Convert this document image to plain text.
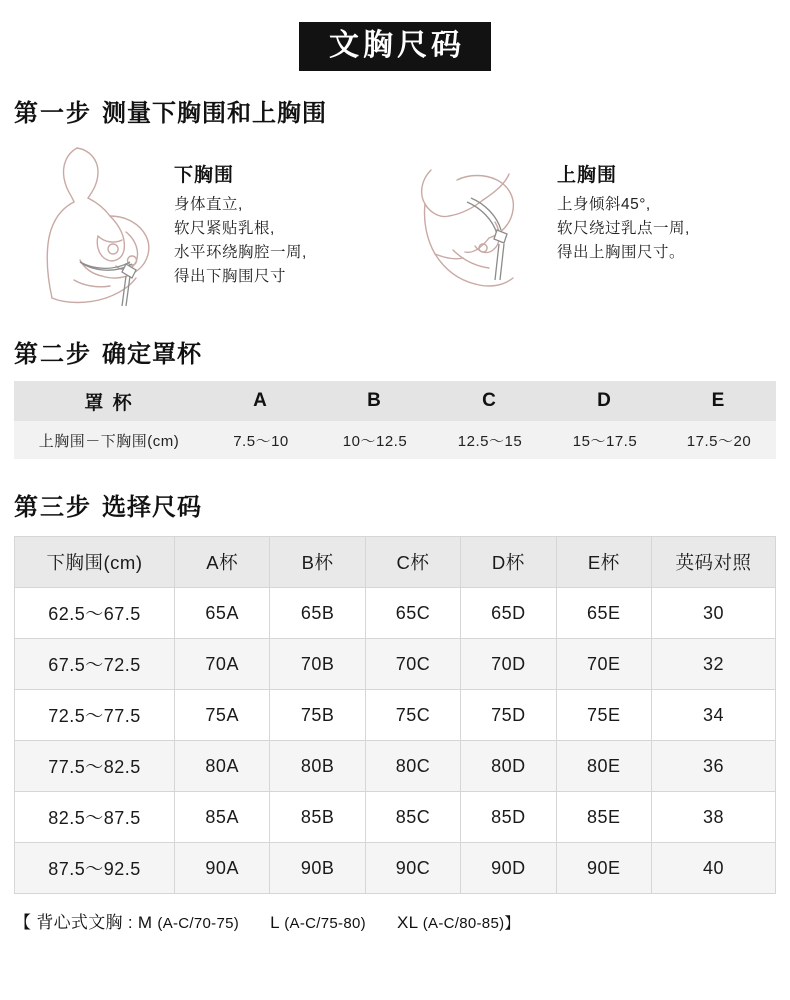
文胸尺码
第一步 测量下胸围和上胸围
下胸围
身体直立,
软尺紧贴乳根,
水平环绕胸腔一周,
得出下胸围尺寸
上胸围
上身倾斜45°,
软尺绕过乳点一周,
得出上胸围尺寸。
第二步 确定罩杯
罩 杯	A	B	C	D	E
上胸围－下胸围(cm)	7.5～10	10～12.5	12.5～15	15～17.5	17.5～20
第三步 选择尺码
下胸围(cm)	A杯	B杯	C杯	D杯	E杯	英码对照
62.5～67.5	65A	65B	65C	65D	65E	30
67.5～72.5	70A	70B	70C	70D	70E	32
72.5～77.5	75A	75B	75C	75D	75E	34
77.5～82.5	80A	80B	80C	80D	80E	36
82.5～87.5	85A	85B	85C	85D	85E	38
87.5～92.5	90A	90B	90C	90D	90E	40
【 背心式文胸 : M (A-C/70-75) L (A-C/75-80) XL (A-C/80-85)】
